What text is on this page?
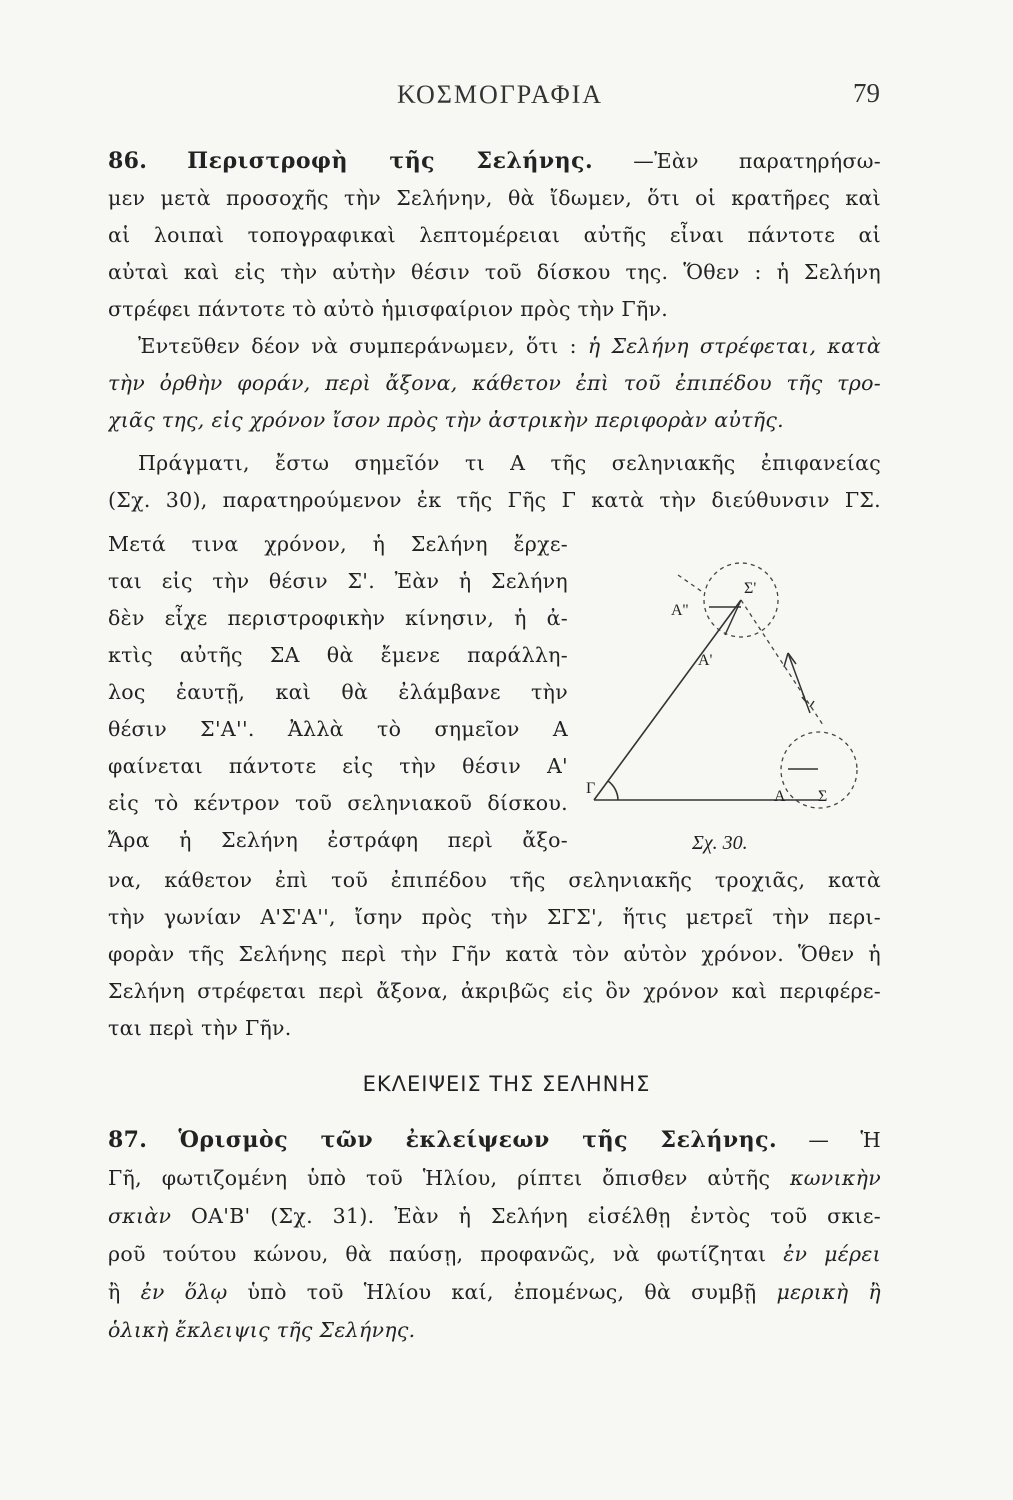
ΚΟΣΜΟΓΡΑΦΙΑ	79
86. Περιστροφὴ τῆς Σελήνης. —Ἐὰν παρατηρήσω-
μεν μετὰ προσοχῆς τὴν Σελήνην, θὰ ἴδωμεν, ὅτι οἱ κρατῆρες καὶ
αἱ λοιπαὶ τοπογραφικαὶ λεπτομέρειαι αὐτῆς εἶναι πάντοτε αἱ
αὐταὶ καὶ εἰς τὴν αὐτὴν θέσιν τοῦ δίσκου της. Ὅθεν : ἡ Σελήνη
στρέφει πάντοτε τὸ αὐτὸ ἡμισφαίριον πρὸς τὴν Γῆν.
Ἐντεῦθεν δέον νὰ συμπεράνωμεν, ὅτι : ἡ Σελήνη στρέφεται, κατὰ
τὴν ὀρθὴν φοράν, περὶ ἄξονα, κάθετον ἐπὶ τοῦ ἐπιπέδου τῆς τρο-
χιᾶς της, εἰς χρόνον ἴσον πρὸς τὴν ἀστρικὴν περιφορὰν αὐτῆς.
Πράγματι, ἔστω σημεῖόν τι Α τῆς σεληνιακῆς ἐπιφανείας
(Σχ. 30), παρατηρούμενον ἐκ τῆς Γῆς Γ κατὰ τὴν διεύθυνσιν ΓΣ.
Μετά τινα χρόνον, ἡ Σελήνη ἔρχε-
ται εἰς τὴν θέσιν Σ'. Ἐὰν ἡ Σελήνη
δὲν εἶχε περιστροφικὴν κίνησιν, ἡ ἀ-
κτὶς αὐτῆς ΣΑ θὰ ἔμενε παράλλη-
λος ἑαυτῇ, καὶ θὰ ἐλάμβανε τὴν
θέσιν Σ'Α''. Ἀλλὰ τὸ σημεῖον Α
φαίνεται πάντοτε εἰς τὴν θέσιν Α'
εἰς τὸ κέντρον τοῦ σεληνιακοῦ δίσκου.
Ἄρα ἡ Σελήνη ἐστράφη περὶ ἄξο-
να, κάθετον ἐπὶ τοῦ ἐπιπέδου τῆς σεληνιακῆς τροχιᾶς, κατὰ
τὴν γωνίαν Α'Σ'Α'', ἴσην πρὸς τὴν ΣΓΣ', ἥτις μετρεῖ τὴν περι-
φορὰν τῆς Σελήνης περὶ τὴν Γῆν κατὰ τὸν αὐτὸν χρόνον. Ὅθεν ἡ
Σελήνη στρέφεται περὶ ἄξονα, ἀκριβῶς εἰς ὃν χρόνον καὶ περιφέρε-
ται περὶ τὴν Γῆν.
Α''
Σ'
Α'
Γ	Α Σ
Σχ. 30.
ΕΚΛΕΙΨΕΙΣ ΤΗΣ ΣΕΛΗΝΗΣ
87. Ὁρισμὸς τῶν ἐκλείψεων τῆς Σελήνης. — Ἡ
Γῆ, φωτιζομένη ὑπὸ τοῦ Ἡλίου, ρίπτει ὄπισθεν αὐτῆς κωνικὴν
σκιὰν ΟΑ'Β' (Σχ. 31). Ἐὰν ἡ Σελήνη εἰσέλθῃ ἐντὸς τοῦ σκιε-
ροῦ τούτου κώνου, θὰ παύσῃ, προφανῶς, νὰ φωτίζηται ἐν μέρει
ἢ ἐν ὅλῳ ὑπὸ τοῦ Ἡλίου καί, ἐπομένως, θὰ συμβῇ μερικὴ ἢ
ὁλικὴ ἔκλειψις τῆς Σελήνης.
